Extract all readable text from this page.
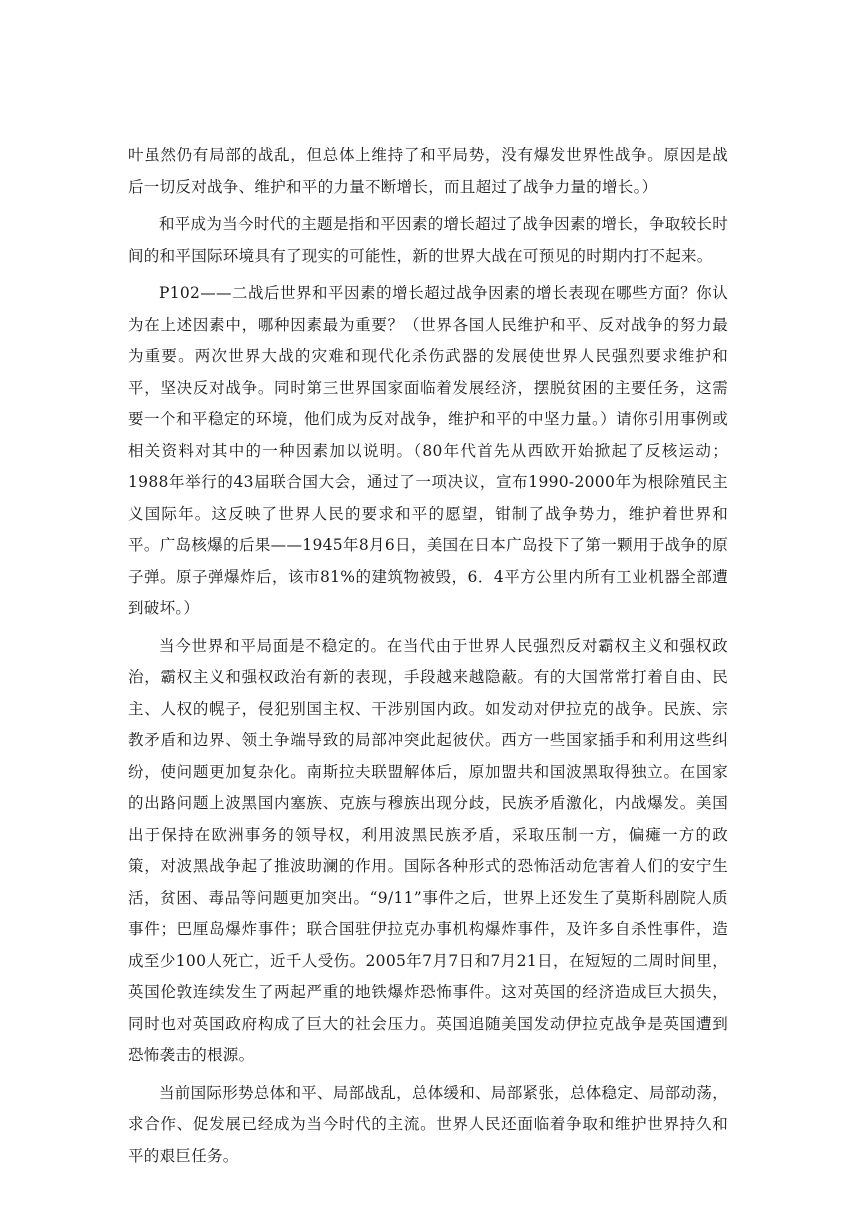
叶虽然仍有局部的战乱，但总体上维持了和平局势，没有爆发世界性战争。原因是战后一切反对战争、维护和平的力量不断增长，而且超过了战争力量的增长。）

和平成为当今时代的主题是指和平因素的增长超过了战争因素的增长，争取较长时间的和平国际环境具有了现实的可能性，新的世界大战在可预见的时期内打不起来。

P102——二战后世界和平因素的增长超过战争因素的增长表现在哪些方面？你认为在上述因素中，哪种因素最为重要？（世界各国人民维护和平、反对战争的努力最为重要。两次世界大战的灾难和现代化杀伤武器的发展使世界人民强烈要求维护和平，坚决反对战争。同时第三世界国家面临着发展经济，摆脱贫困的主要任务，这需要一个和平稳定的环境，他们成为反对战争，维护和平的中坚力量。）请你引用事例或相关资料对其中的一种因素加以说明。（80年代首先从西欧开始掀起了反核运动；1988年举行的43届联合国大会，通过了一项决议，宣布1990-2000年为根除殖民主义国际年。这反映了世界人民的要求和平的愿望，钳制了战争势力，维护着世界和平。广岛核爆的后果——1945年8月6日，美国在日本广岛投下了第一颗用于战争的原子弹。原子弹爆炸后，该市81%的建筑物被毁，6．4平方公里内所有工业机器全部遭到破坏。）

当今世界和平局面是不稳定的。在当代由于世界人民强烈反对霸权主义和强权政治，霸权主义和强权政治有新的表现，手段越来越隐蔽。有的大国常常打着自由、民主、人权的幌子，侵犯别国主权、干涉别国内政。如发动对伊拉克的战争。民族、宗教矛盾和边界、领土争端导致的局部冲突此起彼伏。西方一些国家插手和利用这些纠纷，使问题更加复杂化。南斯拉夫联盟解体后，原加盟共和国波黑取得独立。在国家的出路问题上波黑国内塞族、克族与穆族出现分歧，民族矛盾激化，内战爆发。美国出于保持在欧洲事务的领导权，利用波黑民族矛盾，采取压制一方，偏瘫一方的政策，对波黑战争起了推波助澜的作用。国际各种形式的恐怖活动危害着人们的安宁生活，贫困、毒品等问题更加突出。“9/11”事件之后，世界上还发生了莫斯科剧院人质事件；巴厘岛爆炸事件；联合国驻伊拉克办事机构爆炸事件，及许多自杀性事件，造成至少100人死亡，近千人受伤。2005年7月7日和7月21日，在短短的二周时间里，英国伦敦连续发生了两起严重的地铁爆炸恐怖事件。这对英国的经济造成巨大损失，同时也对英国政府构成了巨大的社会压力。英国追随美国发动伊拉克战争是英国遭到恐怖袭击的根源。

当前国际形势总体和平、局部战乱，总体缓和、局部紧张，总体稳定、局部动荡，求合作、促发展已经成为当今时代的主流。世界人民还面临着争取和维护世界持久和平的艰巨任务。
